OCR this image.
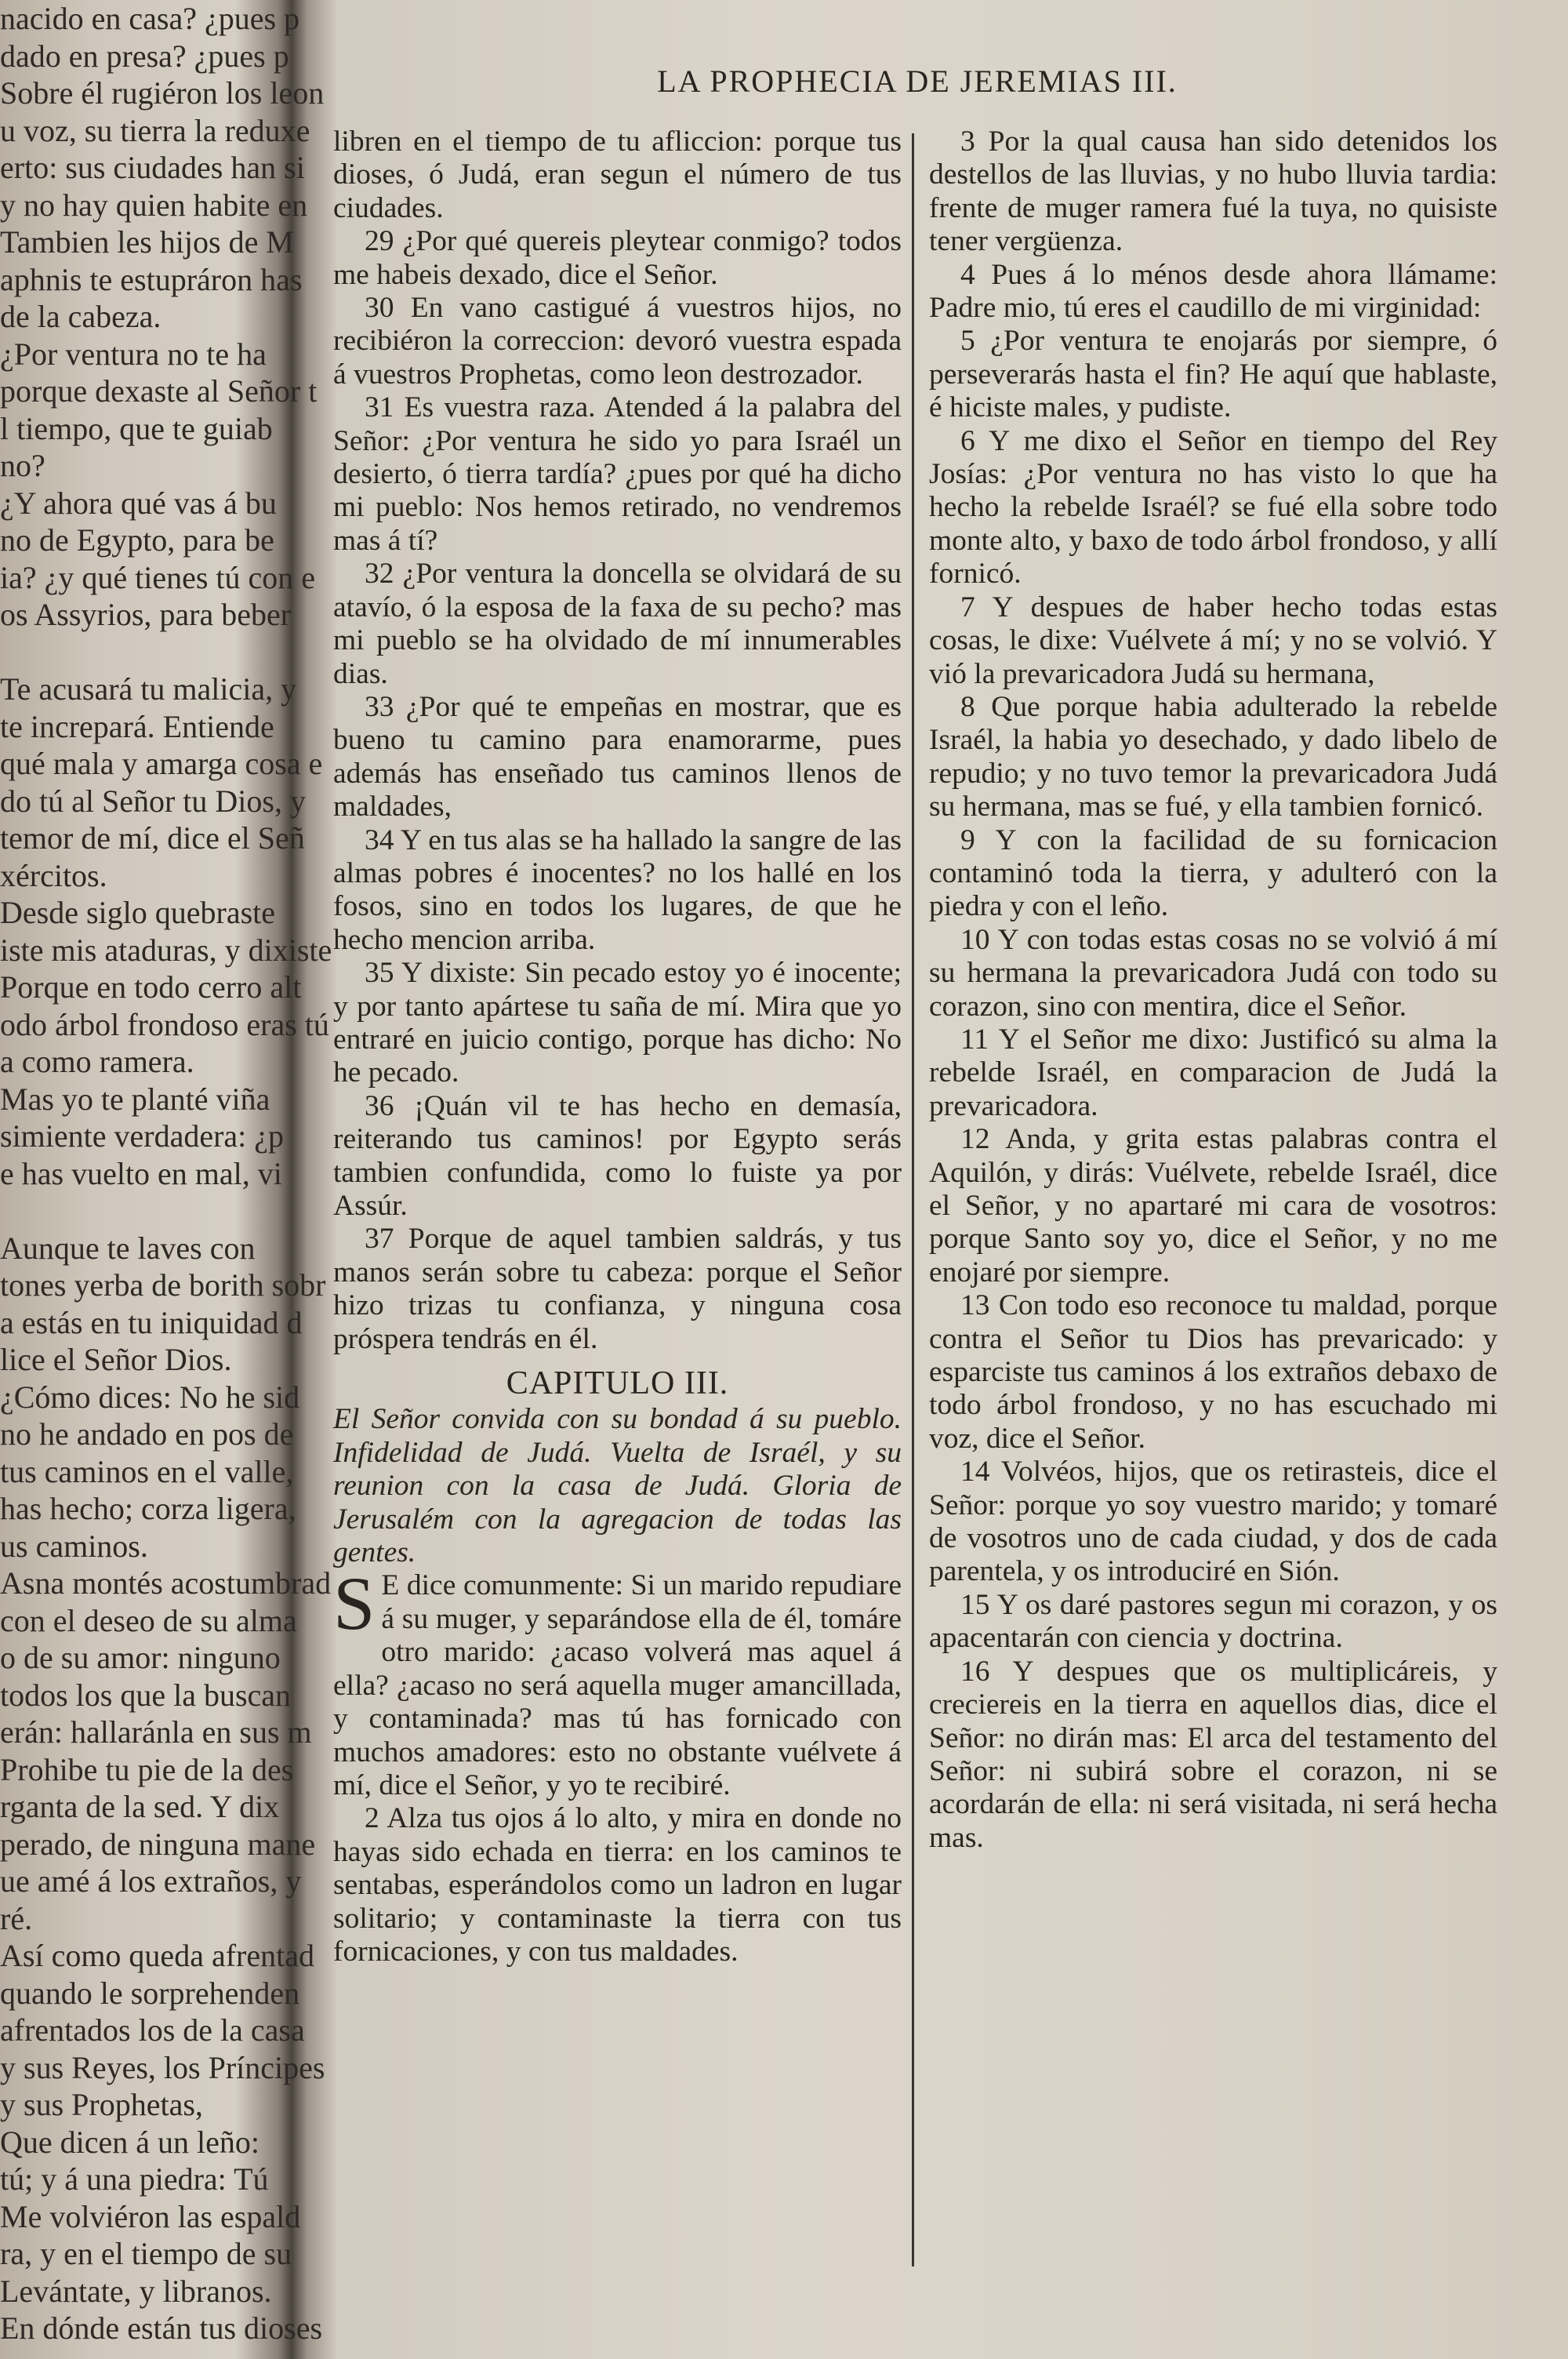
nacido en casa? ¿pues p
dado en presa? ¿pues p
Sobre él rugiéron los leon
u voz, su tierra la reduxe
erto: sus ciudades han si
y no hay quien habite en
Tambien les hijos de M
aphnis te estupráron has
de la cabeza.
¿Por ventura no te ha
porque dexaste al Señor t
l tiempo, que te guiab
no?
¿Y ahora qué vas á bu
no de Egypto, para be
ia? ¿y qué tienes tú con e
os Assyrios, para beber
Te acusará tu malicia, y
te increpará. Entiende
qué mala y amarga cosa e
do tú al Señor tu Dios, y
temor de mí, dice el Señ
xércitos.
Desde siglo quebraste
iste mis ataduras, y dixiste
Porque en todo cerro alt
odo árbol frondoso eras tú
a como ramera.
Mas yo te planté viña
simiente verdadera: ¿p
e has vuelto en mal, vi
Aunque te laves con
tones yerba de borith sobr
a estás en tu iniquidad d
lice el Señor Dios.
¿Cómo dices: No he sid
no he andado en pos de
tus caminos en el valle,
has hecho; corza ligera,
us caminos.
Asna montés acostumbrad
con el deseo de su alma
o de su amor: ninguno
todos los que la buscan
erán: hallaránla en sus m
Prohibe tu pie de la des
rganta de la sed. Y dix
perado, de ninguna mane
ue amé á los extraños, y
ré.
Así como queda afrentad
quando le sorprehenden
afrentados los de la casa
y sus Reyes, los Príncipes
y sus Prophetas,
Que dicen á un leño:
tú; y á una piedra: Tú
Me volviéron las espald
ra, y en el tiempo de su
Levántate, y libranos.
En dónde están tus dioses
LA PROPHECIA DE JEREMIAS III.

libren en el tiempo de tu afliccion: porque tus dioses, ó Judá, eran segun el número de tus ciudades.

29 ¿Por qué quereis pleytear conmigo? todos me habeis dexado, dice el Señor.

30 En vano castigué á vuestros hijos, no recibiéron la correccion: devoró vuestra espada á vuestros Prophetas, como leon destrozador.

31 Es vuestra raza. Atended á la palabra del Señor: ¿Por ventura he sido yo para Israél un desierto, ó tierra tardía? ¿pues por qué ha dicho mi pueblo: Nos hemos retirado, no vendremos mas á tí?

32 ¿Por ventura la doncella se olvidará de su atavío, ó la esposa de la faxa de su pecho? mas mi pueblo se ha olvidado de mí innumerables dias.

33 ¿Por qué te empeñas en mostrar, que es bueno tu camino para enamorarme, pues además has enseñado tus caminos llenos de maldades,

34 Y en tus alas se ha hallado la sangre de las almas pobres é inocentes? no los hallé en los fosos, sino en todos los lugares, de que he hecho mencion arriba.

35 Y dixiste: Sin pecado estoy yo é inocente; y por tanto apártese tu saña de mí. Mira que yo entraré en juicio contigo, porque has dicho: No he pecado.

36 ¡Quán vil te has hecho en demasía, reiterando tus caminos! por Egypto serás tambien confundida, como lo fuiste ya por Assúr.

37 Porque de aquel tambien saldrás, y tus manos serán sobre tu cabeza: porque el Señor hizo trizas tu confianza, y ninguna cosa próspera tendrás en él.

CAPITULO III.

El Señor convida con su bondad á su pueblo. Infidelidad de Judá. Vuelta de Israél, y su reunion con la casa de Judá. Gloria de Jerusalém con la agregacion de todas las gentes.

S E dice comunmente: Si un marido repudiare á su muger, y separándose ella de él, tomáre otro marido: ¿acaso volverá mas aquel á ella? ¿acaso no será aquella muger amancillada, y contaminada? mas tú has fornicado con muchos amadores: esto no obstante vuélvete á mí, dice el Señor, y yo te recibiré.

2 Alza tus ojos á lo alto, y mira en donde no hayas sido echada en tierra: en los caminos te sentabas, esperándolos como un ladron en lugar solitario; y contaminaste la tierra con tus fornicaciones, y con tus maldades.

3 Por la qual causa han sido detenidos los destellos de las lluvias, y no hubo lluvia tardia: frente de muger ramera fué la tuya, no quisiste tener vergüenza.

4 Pues á lo ménos desde ahora llámame: Padre mio, tú eres el caudillo de mi virginidad:

5 ¿Por ventura te enojarás por siempre, ó perseverarás hasta el fin? He aquí que hablaste, é hiciste males, y pudiste.

6 Y me dixo el Señor en tiempo del Rey Josías: ¿Por ventura no has visto lo que ha hecho la rebelde Israél? se fué ella sobre todo monte alto, y baxo de todo árbol frondoso, y allí fornicó.

7 Y despues de haber hecho todas estas cosas, le dixe: Vuélvete á mí; y no se volvió. Y vió la prevaricadora Judá su hermana,

8 Que porque habia adulterado la rebelde Israél, la habia yo desechado, y dado libelo de repudio; y no tuvo temor la prevaricadora Judá su hermana, mas se fué, y ella tambien fornicó.

9 Y con la facilidad de su fornicacion contaminó toda la tierra, y adulteró con la piedra y con el leño.

10 Y con todas estas cosas no se volvió á mí su hermana la prevaricadora Judá con todo su corazon, sino con mentira, dice el Señor.

11 Y el Señor me dixo: Justificó su alma la rebelde Israél, en comparacion de Judá la prevaricadora.

12 Anda, y grita estas palabras contra el Aquilón, y dirás: Vuélvete, rebelde Israél, dice el Señor, y no apartaré mi cara de vosotros: porque Santo soy yo, dice el Señor, y no me enojaré por siempre.

13 Con todo eso reconoce tu maldad, porque contra el Señor tu Dios has prevaricado: y esparciste tus caminos á los extraños debaxo de todo árbol frondoso, y no has escuchado mi voz, dice el Señor.

14 Volvéos, hijos, que os retirasteis, dice el Señor: porque yo soy vuestro marido; y tomaré de vosotros uno de cada ciudad, y dos de cada parentela, y os introduciré en Sión.

15 Y os daré pastores segun mi corazon, y os apacentarán con ciencia y doctrina.

16 Y despues que os multiplicáreis, y creciereis en la tierra en aquellos dias, dice el Señor: no dirán mas: El arca del testamento del Señor: ni subirá sobre el corazon, ni se acordarán de ella: ni será visitada, ni será hecha mas.
